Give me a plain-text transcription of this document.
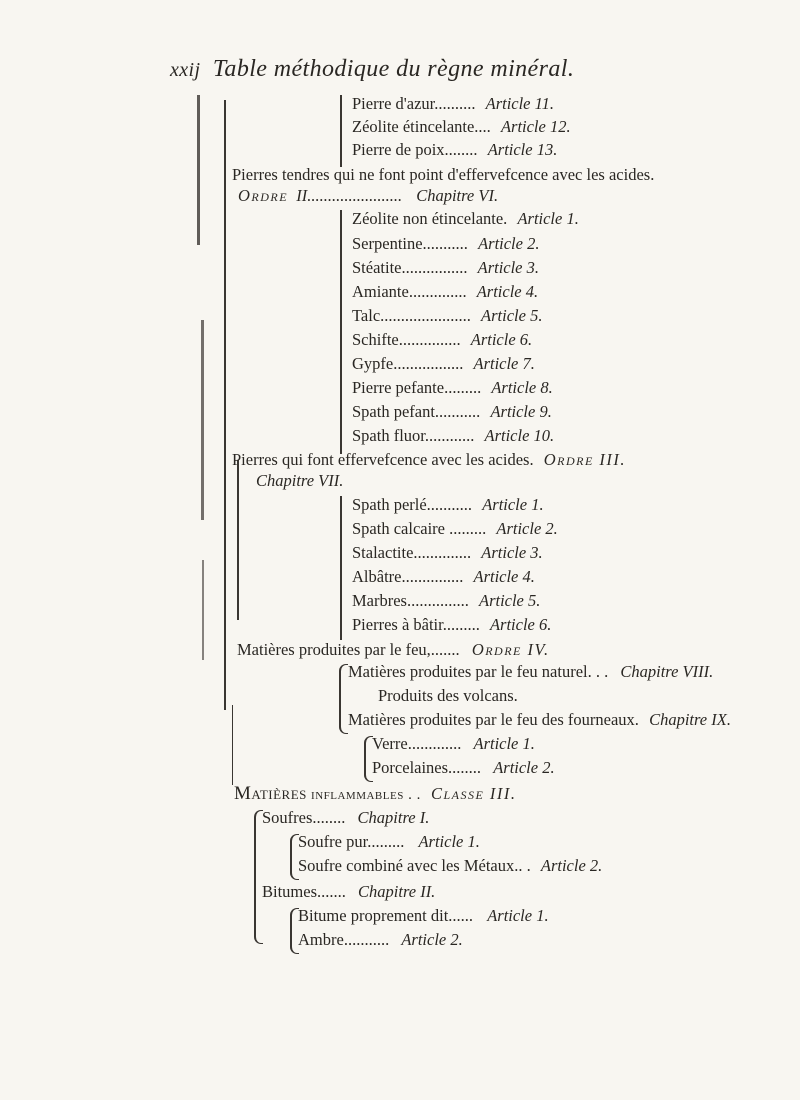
xxij Table méthodique du règne minéral.
Pierre d'azur.......... Article 11.
Zéolite étincelante.... Article 12.
Pierre de poix........ Article 13.
Pierres tendres qui ne font point d'effervefcence avec les acides.
Ordre II....................... Chapitre VI.
Zéolite non étincelante. Article 1.
Serpentine........... Article 2.
Stéatite................ Article 3.
Amiante.............. Article 4.
Talc...................... Article 5.
Schifte............... Article 6.
Gypfe................. Article 7.
Pierre pefante......... Article 8.
Spath pefant........... Article 9.
Spath fluor............ Article 10.
Pierres qui font effervefcence avec les acides. Ordre III.
Chapitre VII.
Spath perlé........... Article 1.
Spath calcaire ......... Article 2.
Stalactite.............. Article 3.
Albâtre............... Article 4.
Marbres............... Article 5.
Pierres à bâtir......... Article 6.
Matières produites par le feu,....... Ordre IV.
Matières produites par le feu naturel. . . Chapitre VIII.
Produits des volcans.
Matières produites par le feu des fourneaux. Chapitre IX.
Verre............. Article 1.
Porcelaines........ Article 2.
Matières inflammables . . Classe III.
Soufres........ Chapitre I.
Soufre pur......... Article 1.
Soufre combiné avec les Métaux.. . Article 2.
Bitumes....... Chapitre II.
Bitume proprement dit...... Article 1.
Ambre........... Article 2.
